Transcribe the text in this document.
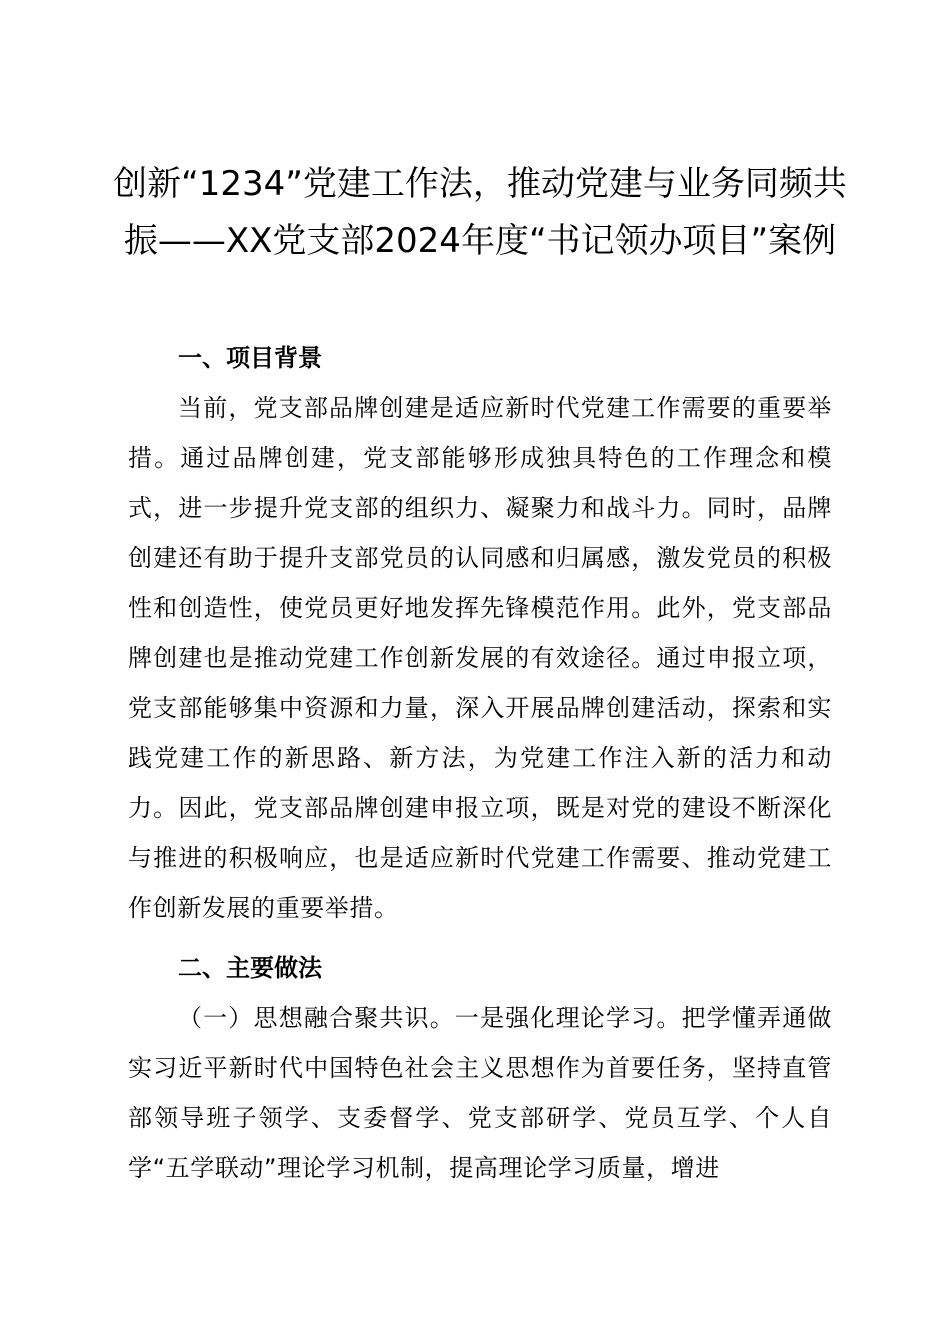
创新“1234”党建工作法，推动党建与业务同频共振——XX党支部2024年度“书记领办项目”案例
一、项目背景

当前，党支部品牌创建是适应新时代党建工作需要的重要举措。通过品牌创建，党支部能够形成独具特色的工作理念和模式，进一步提升党支部的组织力、凝聚力和战斗力。同时，品牌创建还有助于提升支部党员的认同感和归属感，激发党员的积极性和创造性，使党员更好地发挥先锋模范作用。此外，党支部品牌创建也是推动党建工作创新发展的有效途径。通过申报立项，党支部能够集中资源和力量，深入开展品牌创建活动，探索和实践党建工作的新思路、新方法，为党建工作注入新的活力和动力。因此，党支部品牌创建申报立项，既是对党的建设不断深化与推进的积极响应，也是适应新时代党建工作需要、推动党建工作创新发展的重要举措。

二、主要做法

（一）思想融合聚共识。一是强化理论学习。把学懂弄通做实习近平新时代中国特色社会主义思想作为首要任务，坚持直管部领导班子领学、支委督学、党支部研学、党员互学、个人自学“五学联动”理论学习机制，提高理论学习质量，增进
